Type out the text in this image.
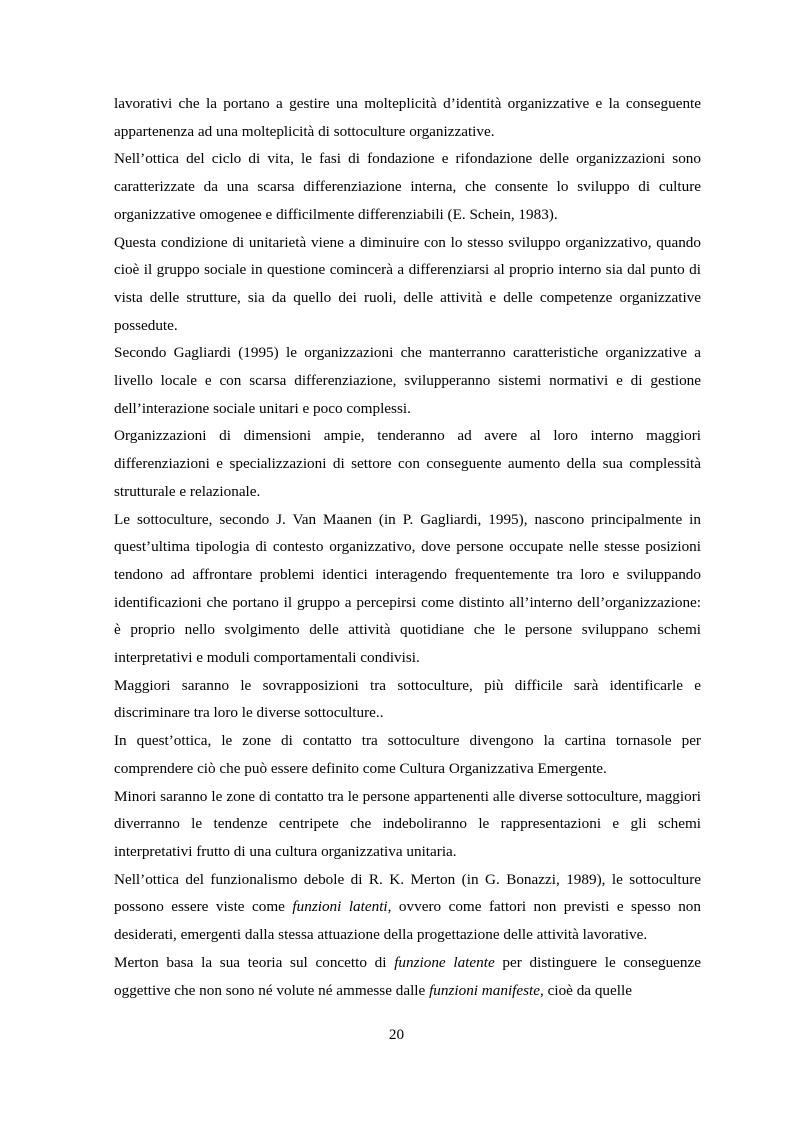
lavorativi che la portano a gestire una molteplicità d’identità organizzative e la conseguente appartenenza ad una molteplicità di sottoculture organizzative.

Nell’ottica del ciclo di vita, le fasi di fondazione e rifondazione delle organizzazioni sono caratterizzate da una scarsa differenziazione interna, che consente lo sviluppo di culture organizzative omogenee e difficilmente differenziabili (E. Schein, 1983).

Questa condizione di unitarietà viene a diminuire con lo stesso sviluppo organizzativo, quando cioè il gruppo sociale in questione comincerà a differenziarsi al proprio interno sia dal punto di vista delle strutture, sia da quello dei ruoli, delle attività e delle competenze organizzative possedute.

Secondo Gagliardi (1995) le organizzazioni che manterranno caratteristiche organizzative a livello locale e con scarsa differenziazione, svilupperanno sistemi normativi e di gestione dell’interazione sociale unitari e poco complessi.

Organizzazioni di dimensioni ampie, tenderanno ad avere al loro interno maggiori differenziazioni e specializzazioni di settore con conseguente aumento della sua complessità strutturale e relazionale.

Le sottoculture, secondo J. Van Maanen (in P. Gagliardi, 1995), nascono principalmente in quest’ultima tipologia di contesto organizzativo, dove persone occupate nelle stesse posizioni tendono ad affrontare problemi identici interagendo frequentemente tra loro e sviluppando identificazioni che portano il gruppo a percepirsi come distinto all’interno dell’organizzazione: è proprio nello svolgimento delle attività quotidiane che le persone sviluppano schemi interpretativi e moduli comportamentali condivisi.

Maggiori saranno le sovrapposizioni tra sottoculture, più difficile sarà identificarle e discriminare tra loro le diverse sottoculture..

In quest’ottica, le zone di contatto tra sottoculture divengono la cartina tornasole per comprendere ciò che può essere definito come Cultura Organizzativa Emergente.

Minori saranno le zone di contatto tra le persone appartenenti alle diverse sottoculture, maggiori diverranno le tendenze centripete che indeboliranno le rappresentazioni e gli schemi interpretativi frutto di una cultura organizzativa unitaria.

Nell’ottica del funzionalismo debole di R. K. Merton (in G. Bonazzi, 1989), le sottoculture possono essere viste come funzioni latenti, ovvero come fattori non previsti e spesso non desiderati, emergenti dalla stessa attuazione della progettazione delle attività lavorative.

Merton basa la sua teoria sul concetto di funzione latente per distinguere le conseguenze oggettive che non sono né volute né ammesse dalle funzioni manifeste, cioè da quelle

20
